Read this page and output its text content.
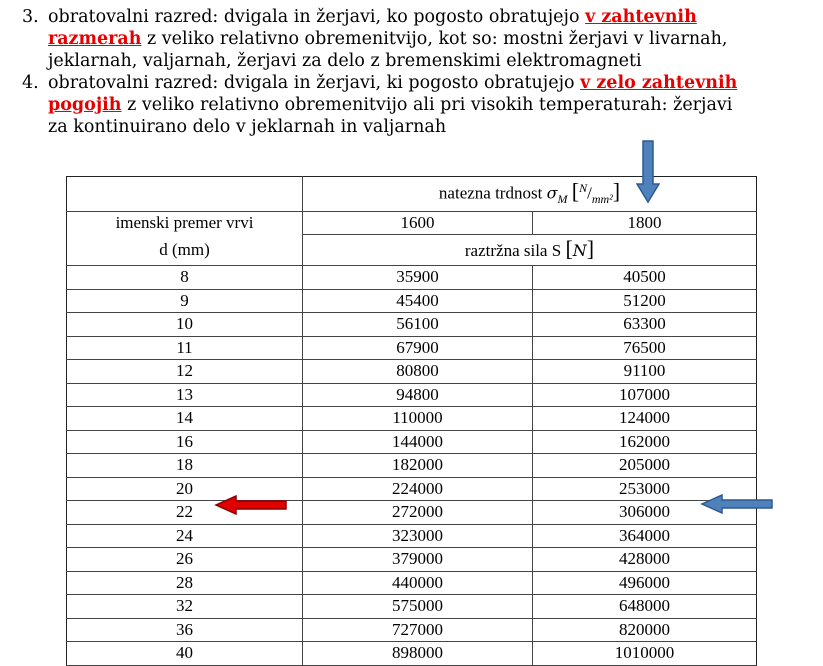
3. obratovalni razred: dvigala in žerjavi, ko pogosto obratujejo v zahtevnih
razmerah z veliko relativno obremenitvijo, kot so: mostni žerjavi v livarnah,
jeklarnah, valjarnah, žerjavi za delo z bremenskimi elektromagneti

4. obratovalni razred: dvigala in žerjavi, ki pogosto obratujejo v zelo zahtevnih
pogojih z veliko relativno obremenitvijo ali pri visokih temperaturah: žerjavi
za kontinuirano delo v jeklarnah in valjarnah

	natezna trdnost $\sigma_M$ $[^N/_{mm^2}]$	
imenski premer vrvi	1600	1800
d (mm)	raztržna sila S [N]	
8	35900	40500
9	45400	51200
10	56100	63300
11	67900	76500
12	80800	91100
13	94800	107000
14	110000	124000
16	144000	162000
18	182000	205000
20	224000	253000
22	272000	306000
24	323000	364000
26	379000	428000
28	440000	496000
32	575000	648000
36	727000	820000
40	898000	1010000
